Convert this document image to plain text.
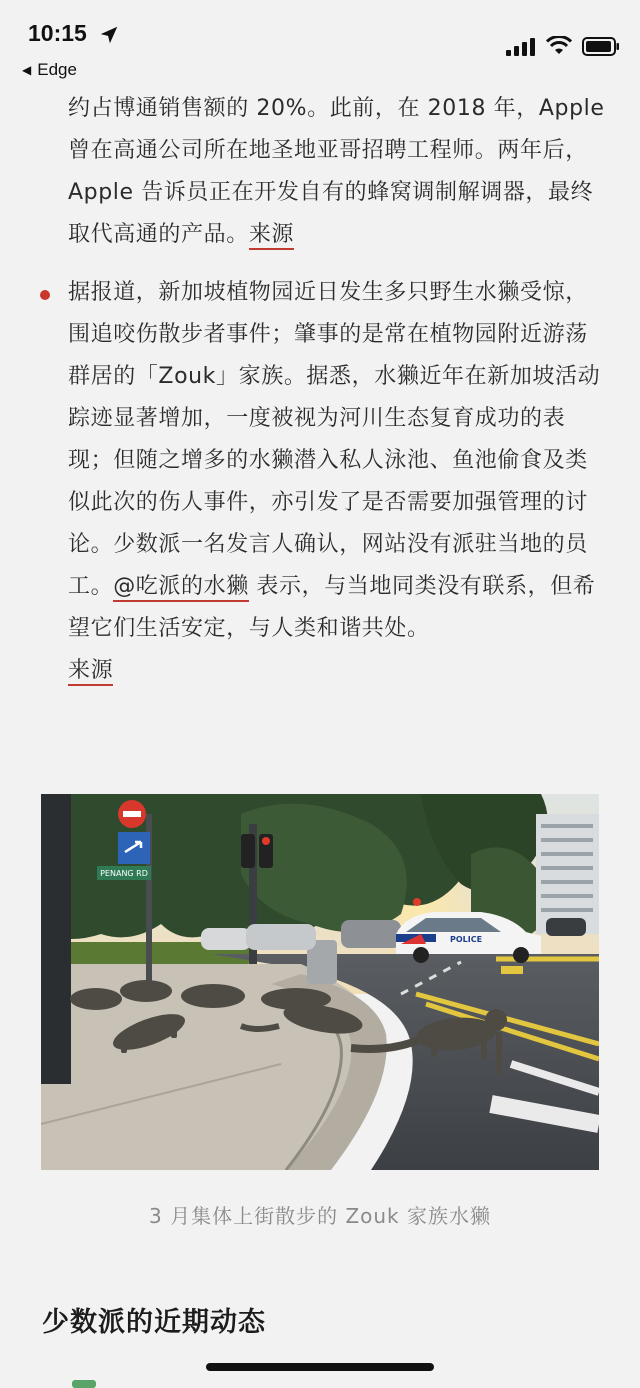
10:15
◀ Edge
约占博通销售额的 20%。此前，在 2018 年，Apple 曾在高通公司所在地圣地亚哥招聘工程师。两年后，Apple 告诉员正在开发自有的蜂窝调制解调器，最终取代高通的产品。来源
据报道，新加坡植物园近日发生多只野生水獭受惊，围追咬伤散步者事件；肇事的是常在植物园附近游荡群居的「Zouk」家族。据悉，水獭近年在新加坡活动踪迹显著增加，一度被视为河川生态复育成功的表现；但随之增多的水獭潜入私人泳池、鱼池偷食及类似此次的伤人事件，亦引发了是否需要加强管理的讨论。少数派一名发言人确认，网站没有派驻当地的员工。@吃派的水獭 表示，与当地同类没有联系，但希望它们生活安定，与人类和谐共处。
来源
PENANG RD
POLICE
3 月集体上街散步的 Zouk 家族水獭
少数派的近期动态
